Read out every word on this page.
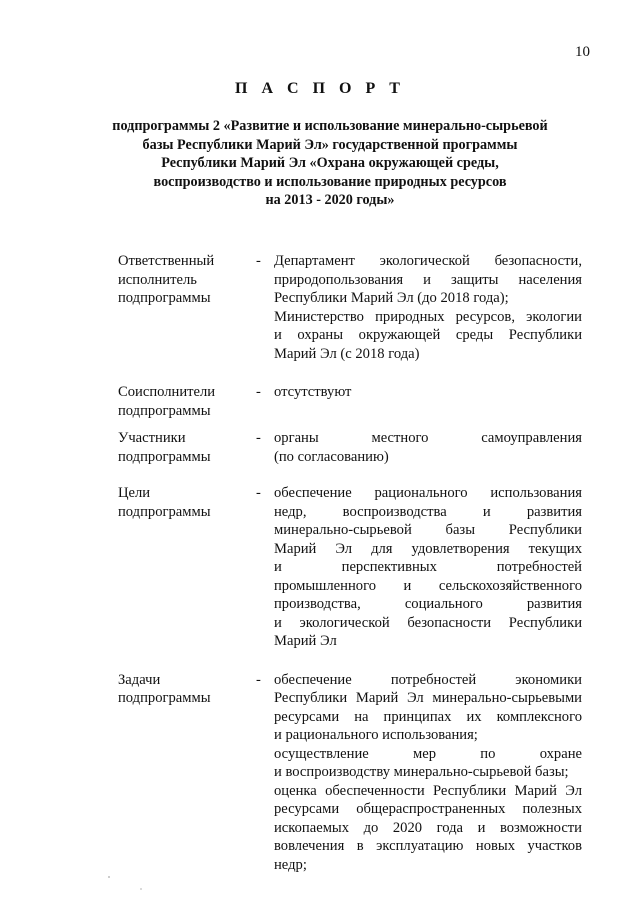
10
П А С П О Р Т
подпрограммы 2 «Развитие и использование минерально-сырьевой
базы Республики Марий Эл» государственной программы
Республики Марий Эл «Охрана окружающей среды,
воспроизводство и использование природных ресурсов
на 2013 - 2020 годы»
Ответственный
исполнитель
подпрограммы
- Департамент экологической безопасности,
природопользования и защиты населения
Республики Марий Эл (до 2018 года);
Министерство природных ресурсов, экологии
и охраны окружающей среды Республики
Марий Эл (с 2018 года)
Соисполнители
подпрограммы
- отсутствуют

Участники
подпрограммы
- органы местного самоуправления
(по согласованию)
Цели
подпрограммы
- обеспечение рационального использования
недр, воспроизводства и развития
минерально-сырьевой базы Республики
Марий Эл для удовлетворения текущих
и перспективных потребностей
промышленного и сельскохозяйственного
производства, социального развития
и экологической безопасности Республики
Марий Эл
Задачи
подпрограммы
- обеспечение потребностей экономики
Республики Марий Эл минерально-сырьевыми
ресурсами на принципах их комплексного
и рационального использования;
осуществление мер по охране
и воспроизводству минерально-сырьевой базы;
оценка обеспеченности Республики Марий Эл
ресурсами общераспространенных полезных
ископаемых до 2020 года и возможности
вовлечения в эксплуатацию новых участков
недр;
